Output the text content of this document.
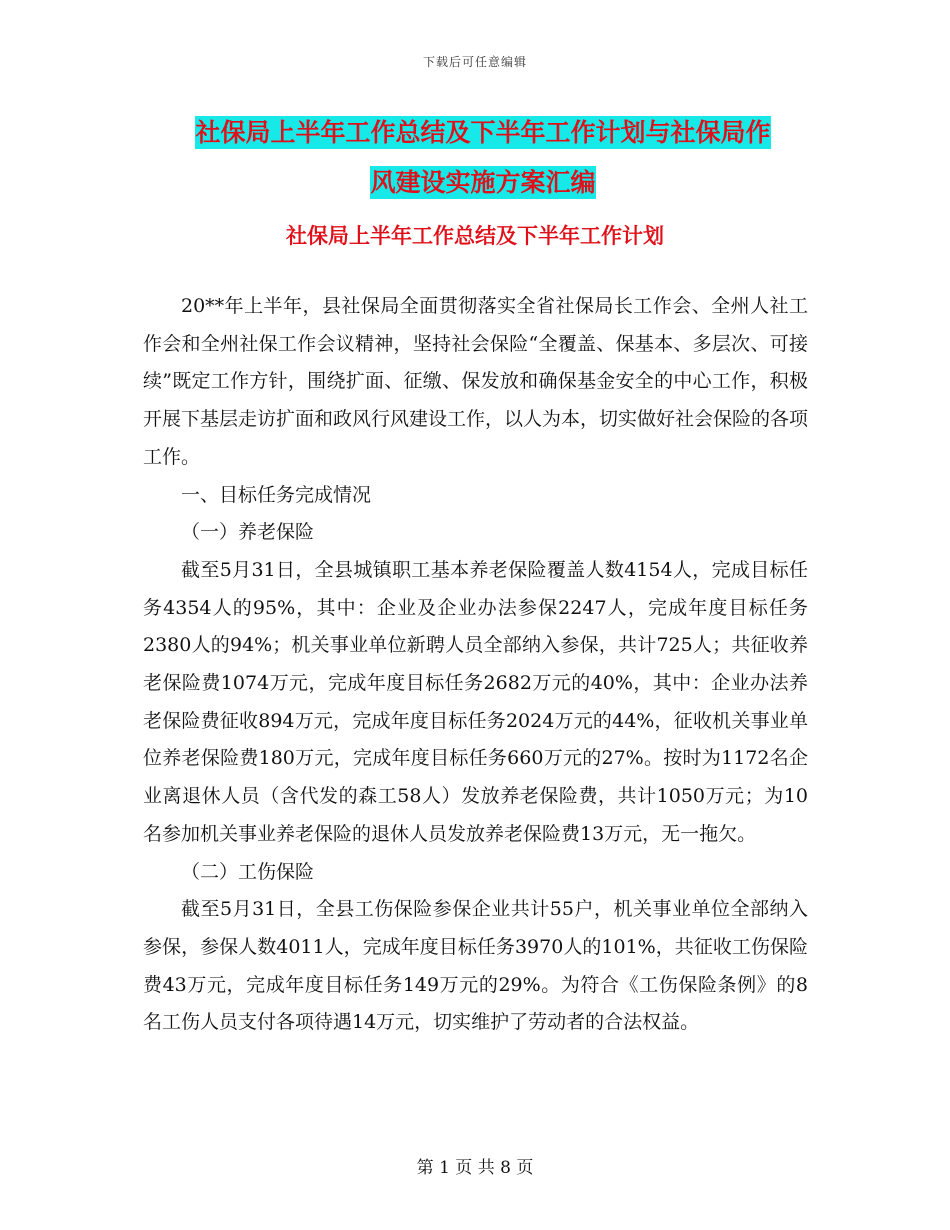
下载后可任意编辑
社保局上半年工作总结及下半年工作计划与社保局作
风建设实施方案汇编
社保局上半年工作总结及下半年工作计划

20**年上半年，县社保局全面贯彻落实全省社保局长工作会、全州人社工作会和全州社保工作会议精神，坚持社会保险“全覆盖、保基本、多层次、可接续”既定工作方针，围绕扩面、征缴、保发放和确保基金安全的中心工作，积极开展下基层走访扩面和政风行风建设工作，以人为本，切实做好社会保险的各项工作。

一、目标任务完成情况

（一）养老保险

截至5月31日，全县城镇职工基本养老保险覆盖人数4154人，完成目标任务4354人的95%，其中：企业及企业办法参保2247人，完成年度目标任务2380人的94%；机关事业单位新聘人员全部纳入参保，共计725人；共征收养老保险费1074万元，完成年度目标任务2682万元的40%，其中：企业办法养老保险费征收894万元，完成年度目标任务2024万元的44%，征收机关事业单位养老保险费180万元，完成年度目标任务660万元的27%。按时为1172名企业离退休人员（含代发的森工58人）发放养老保险费，共计1050万元；为10名参加机关事业养老保险的退休人员发放养老保险费13万元，无一拖欠。

（二）工伤保险

截至5月31日，全县工伤保险参保企业共计55户，机关事业单位全部纳入参保，参保人数4011人，完成年度目标任务3970人的101%，共征收工伤保险费43万元，完成年度目标任务149万元的29%。为符合《工伤保险条例》的8名工伤人员支付各项待遇14万元，切实维护了劳动者的合法权益。

第 1 页 共 8 页
